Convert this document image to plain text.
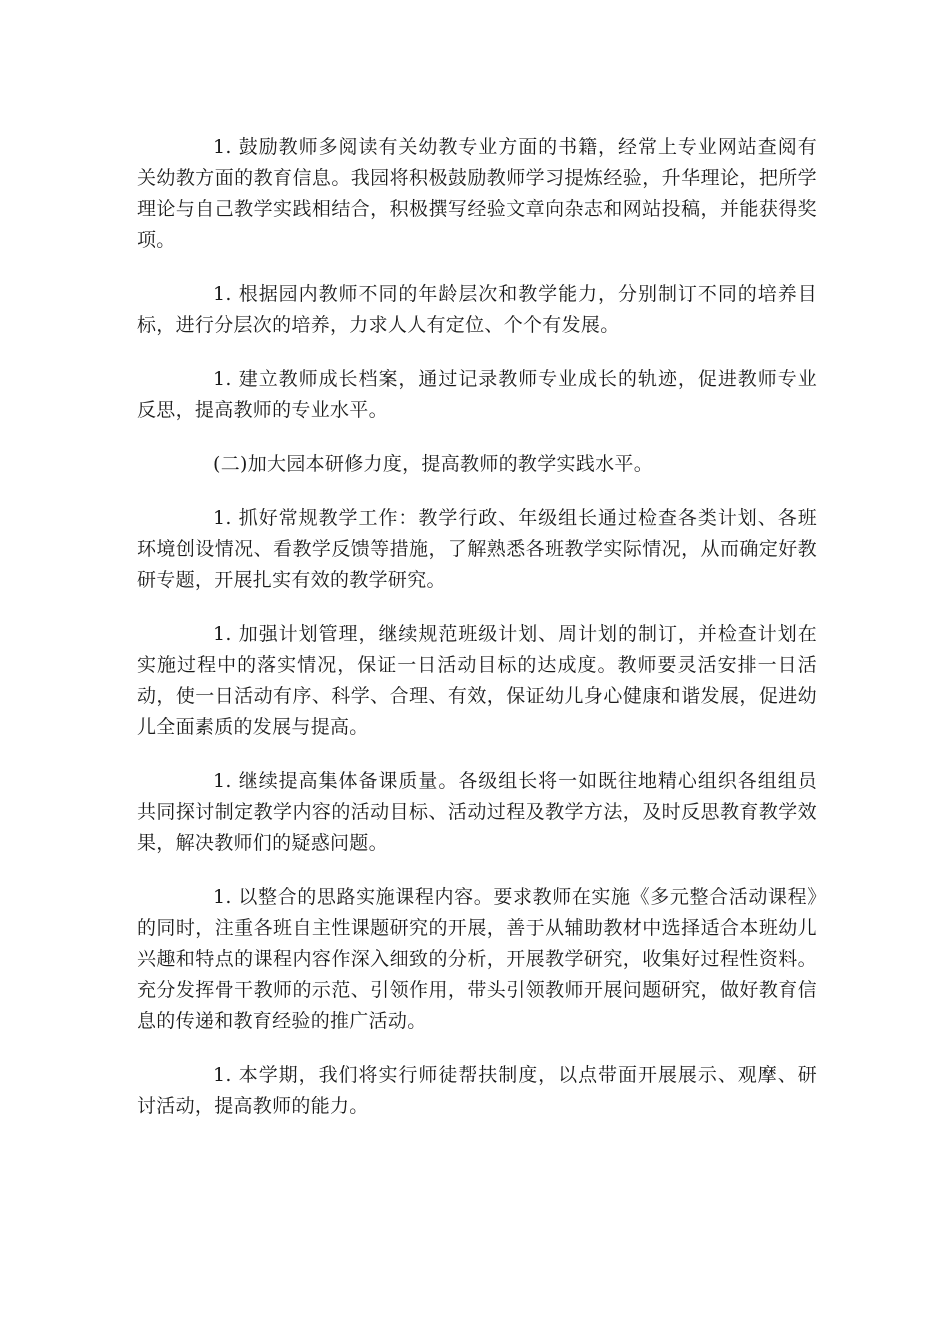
1. 鼓励教师多阅读有关幼教专业方面的书籍，经常上专业网站查阅有关幼教方面的教育信息。我园将积极鼓励教师学习提炼经验，升华理论，把所学理论与自己教学实践相结合，积极撰写经验文章向杂志和网站投稿，并能获得奖项。

1. 根据园内教师不同的年龄层次和教学能力，分别制订不同的培养目标，进行分层次的培养，力求人人有定位、个个有发展。

1. 建立教师成长档案，通过记录教师专业成长的轨迹，促进教师专业反思，提高教师的专业水平。

(二)加大园本研修力度，提高教师的教学实践水平。

1. 抓好常规教学工作：教学行政、年级组长通过检查各类计划、各班环境创设情况、看教学反馈等措施，了解熟悉各班教学实际情况，从而确定好教研专题，开展扎实有效的教学研究。

1. 加强计划管理，继续规范班级计划、周计划的制订，并检查计划在实施过程中的落实情况，保证一日活动目标的达成度。教师要灵活安排一日活动，使一日活动有序、科学、合理、有效，保证幼儿身心健康和谐发展，促进幼儿全面素质的发展与提高。

1. 继续提高集体备课质量。各级组长将一如既往地精心组织各组组员共同探讨制定教学内容的活动目标、活动过程及教学方法，及时反思教育教学效果，解决教师们的疑惑问题。

1. 以整合的思路实施课程内容。要求教师在实施《多元整合活动课程》的同时，注重各班自主性课题研究的开展，善于从辅助教材中选择适合本班幼儿兴趣和特点的课程内容作深入细致的分析，开展教学研究，收集好过程性资料。充分发挥骨干教师的示范、引领作用，带头引领教师开展问题研究，做好教育信息的传递和教育经验的推广活动。

1. 本学期，我们将实行师徒帮扶制度，以点带面开展展示、观摩、研讨活动，提高教师的能力。
